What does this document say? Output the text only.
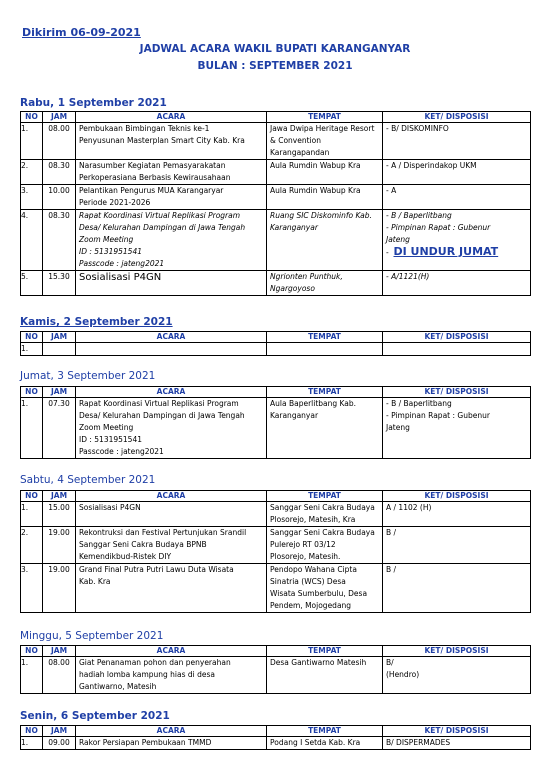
Dikirim 06-09-2021
JADWAL ACARA WAKIL BUPATI KARANGANYAR
BULAN : SEPTEMBER 2021
Rabu, 1 September 2021
NO	JAM	ACARA	TEMPAT	KET/ DISPOSISI
1.	08.00	Pembukaan Bimbingan Teknis ke-1
Penyusunan Masterplan Smart City Kab. Kra	Jawa Dwipa Heritage Resort
& Convention
Karangapandan	- B/ DISKOMINFO

2.	08.30	Narasumber Kegiatan Pemasyarakatan
Perkoperasiana Berbasis Kewirausahaan	Aula Rumdin Wabup Kra	- A / Disperindakop UKM

3.	10.00	Pelantikan Pengurus MUA Karangaryar
Periode 2021-2026	Aula Rumdin Wabup Kra	- A

4.	08.30	Rapat Koordinasi Virtual Replikasi Program
Desa/ Kelurahan Dampingan di Jawa Tengah
Zoom Meeting
ID : 5131951541
Passcode : jateng2021	Ruang SIC Diskominfo Kab.
Karanganyar	- B / Baperlitbang
- Pimpinan Rapat : Gubenur
Jateng
-  DI UNDUR JUMAT

5.	15.30	Sosialisasi P4GN	Ngrionten Punthuk,
Ngargoyoso	- A/1121(H)
Kamis, 2 September 2021
NO	JAM	ACARA	TEMPAT	KET/ DISPOSISI
1.				
Jumat, 3 September 2021
NO	JAM	ACARA	TEMPAT	KET/ DISPOSISI
1.	07.30	Rapat Koordinasi Virtual Replikasi Program
Desa/ Kelurahan Dampingan di Jawa Tengah
Zoom Meeting
ID : 5131951541
Passcode : jateng2021	Aula Baperlitbang Kab.
Karanganyar	- B / Baperlitbang
- Pimpinan Rapat : Gubenur
Jateng
Sabtu, 4 September 2021
NO	JAM	ACARA	TEMPAT	KET/ DISPOSISI
1.	15.00	Sosialisasi P4GN	Sanggar Seni Cakra Budaya
Plosorejo, Matesih, Kra	A / 1102 (H)

2.	19.00	Rekontruksi dan Festival Pertunjukan Srandil
Sanggar Seni Cakra Budaya BPNB
Kemendikbud-Ristek DIY	Sanggar Seni Cakra Budaya
Pulerejo RT 03/12
Plosorejo, Matesih.	B /

3.	19.00	Grand Final Putra Putri Lawu Duta Wisata
Kab. Kra	Pendopo Wahana Cipta
Sinatria (WCS) Desa
Wisata Sumberbulu, Desa
Pendem, Mojogedang	B /
Minggu, 5 September 2021
NO	JAM	ACARA	TEMPAT	KET/ DISPOSISI
1.	08.00	Giat Penanaman pohon dan penyerahan
hadiah lomba kampung hias di desa
Gantiwarno, Matesih	Desa Gantiwarno Matesih	B/
(Hendro)
Senin, 6 September 2021
NO	JAM	ACARA	TEMPAT	KET/ DISPOSISI
1.	09.00	Rakor Persiapan Pembukaan TMMD	Podang I Setda Kab. Kra	B/ DISPERMADES
